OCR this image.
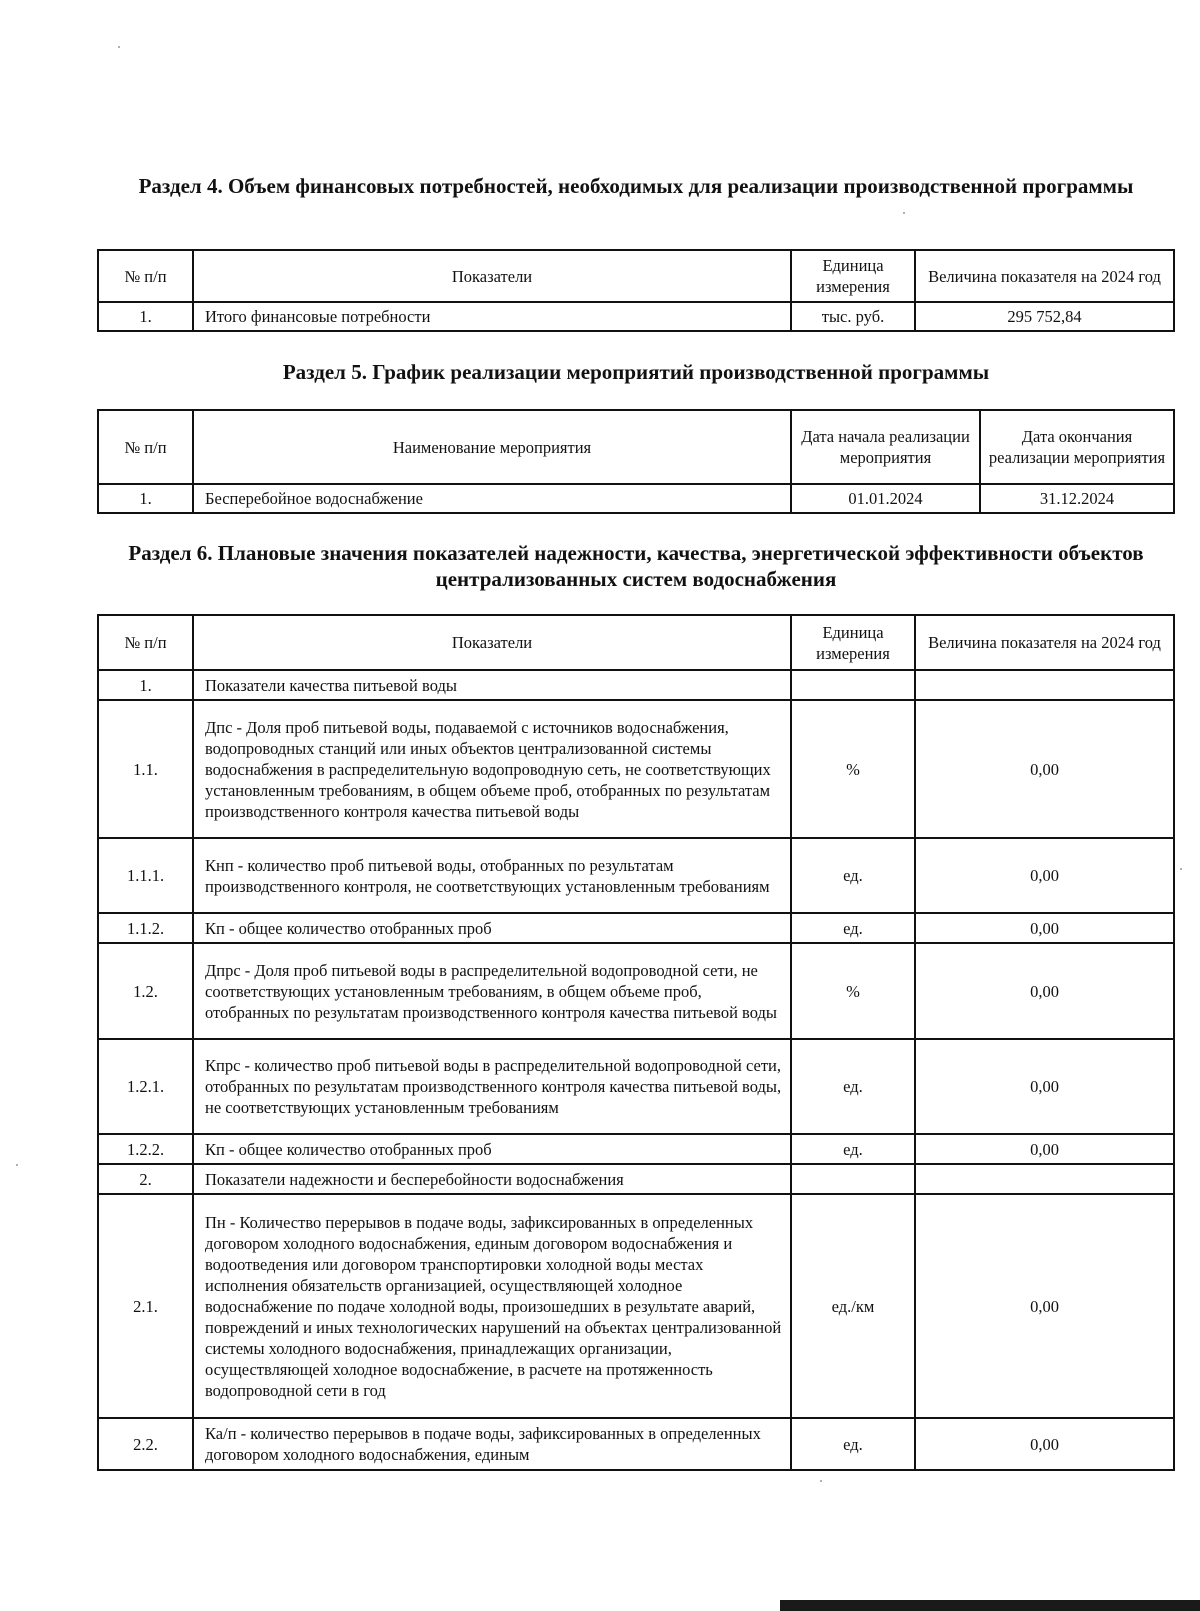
Раздел 4. Объем финансовых потребностей, необходимых для реализации производственной программы
№ п/п	Показатели	Единица измерения	Величина показателя на 2024 год
1.	Итого финансовые потребности	тыс. руб.	295 752,84
Раздел 5. График реализации мероприятий производственной программы
№ п/п	Наименование мероприятия	Дата начала реализации мероприятия	Дата окончания реализации мероприятия
1.	Бесперебойное водоснабжение	01.01.2024	31.12.2024
Раздел 6. Плановые значения показателей надежности, качества, энергетической эффективности объектов централизованных систем водоснабжения
№ п/п	Показатели	Единица измерения	Величина показателя на 2024 год
1.	Показатели качества питьевой воды		
1.1.	Дпс - Доля проб питьевой воды, подаваемой с источников водоснабжения, водопроводных станций или иных объектов централизованной системы водоснабжения в распределительную водопроводную сеть, не соответствующих установленным требованиям, в общем объеме проб, отобранных по результатам производственного контроля качества питьевой воды	%	0,00
1.1.1.	Кнп - количество проб питьевой воды, отобранных по результатам производственного контроля, не соответствующих установленным требованиям	ед.	0,00
1.1.2.	Кп - общее количество отобранных проб	ед.	0,00
1.2.	Дпрс - Доля проб питьевой воды в распределительной водопроводной сети, не соответствующих установленным требованиям, в общем объеме проб, отобранных по результатам производственного контроля качества питьевой воды	%	0,00
1.2.1.	Кпрс - количество проб питьевой воды в распределительной водопроводной сети, отобранных по результатам производственного контроля качества питьевой воды, не соответствующих установленным требованиям	ед.	0,00
1.2.2.	Кп - общее количество отобранных проб	ед.	0,00
2.	Показатели надежности и бесперебойности водоснабжения		
2.1.	Пн - Количество перерывов в подаче воды, зафиксированных в определенных договором холодного водоснабжения, единым договором водоснабжения и водоотведения или договором транспортировки холодной воды местах исполнения обязательств организацией, осуществляющей холодное водоснабжение по подаче холодной воды, произошедших в результате аварий, повреждений и иных технологических нарушений на объектах централизованной системы холодного водоснабжения, принадлежащих организации, осуществляющей холодное водоснабжение, в расчете на протяженность водопроводной сети в год	ед./км	0,00
2.2.	Ка/п - количество перерывов в подаче воды, зафиксированных в определенных договором холодного водоснабжения, единым	ед.	0,00
